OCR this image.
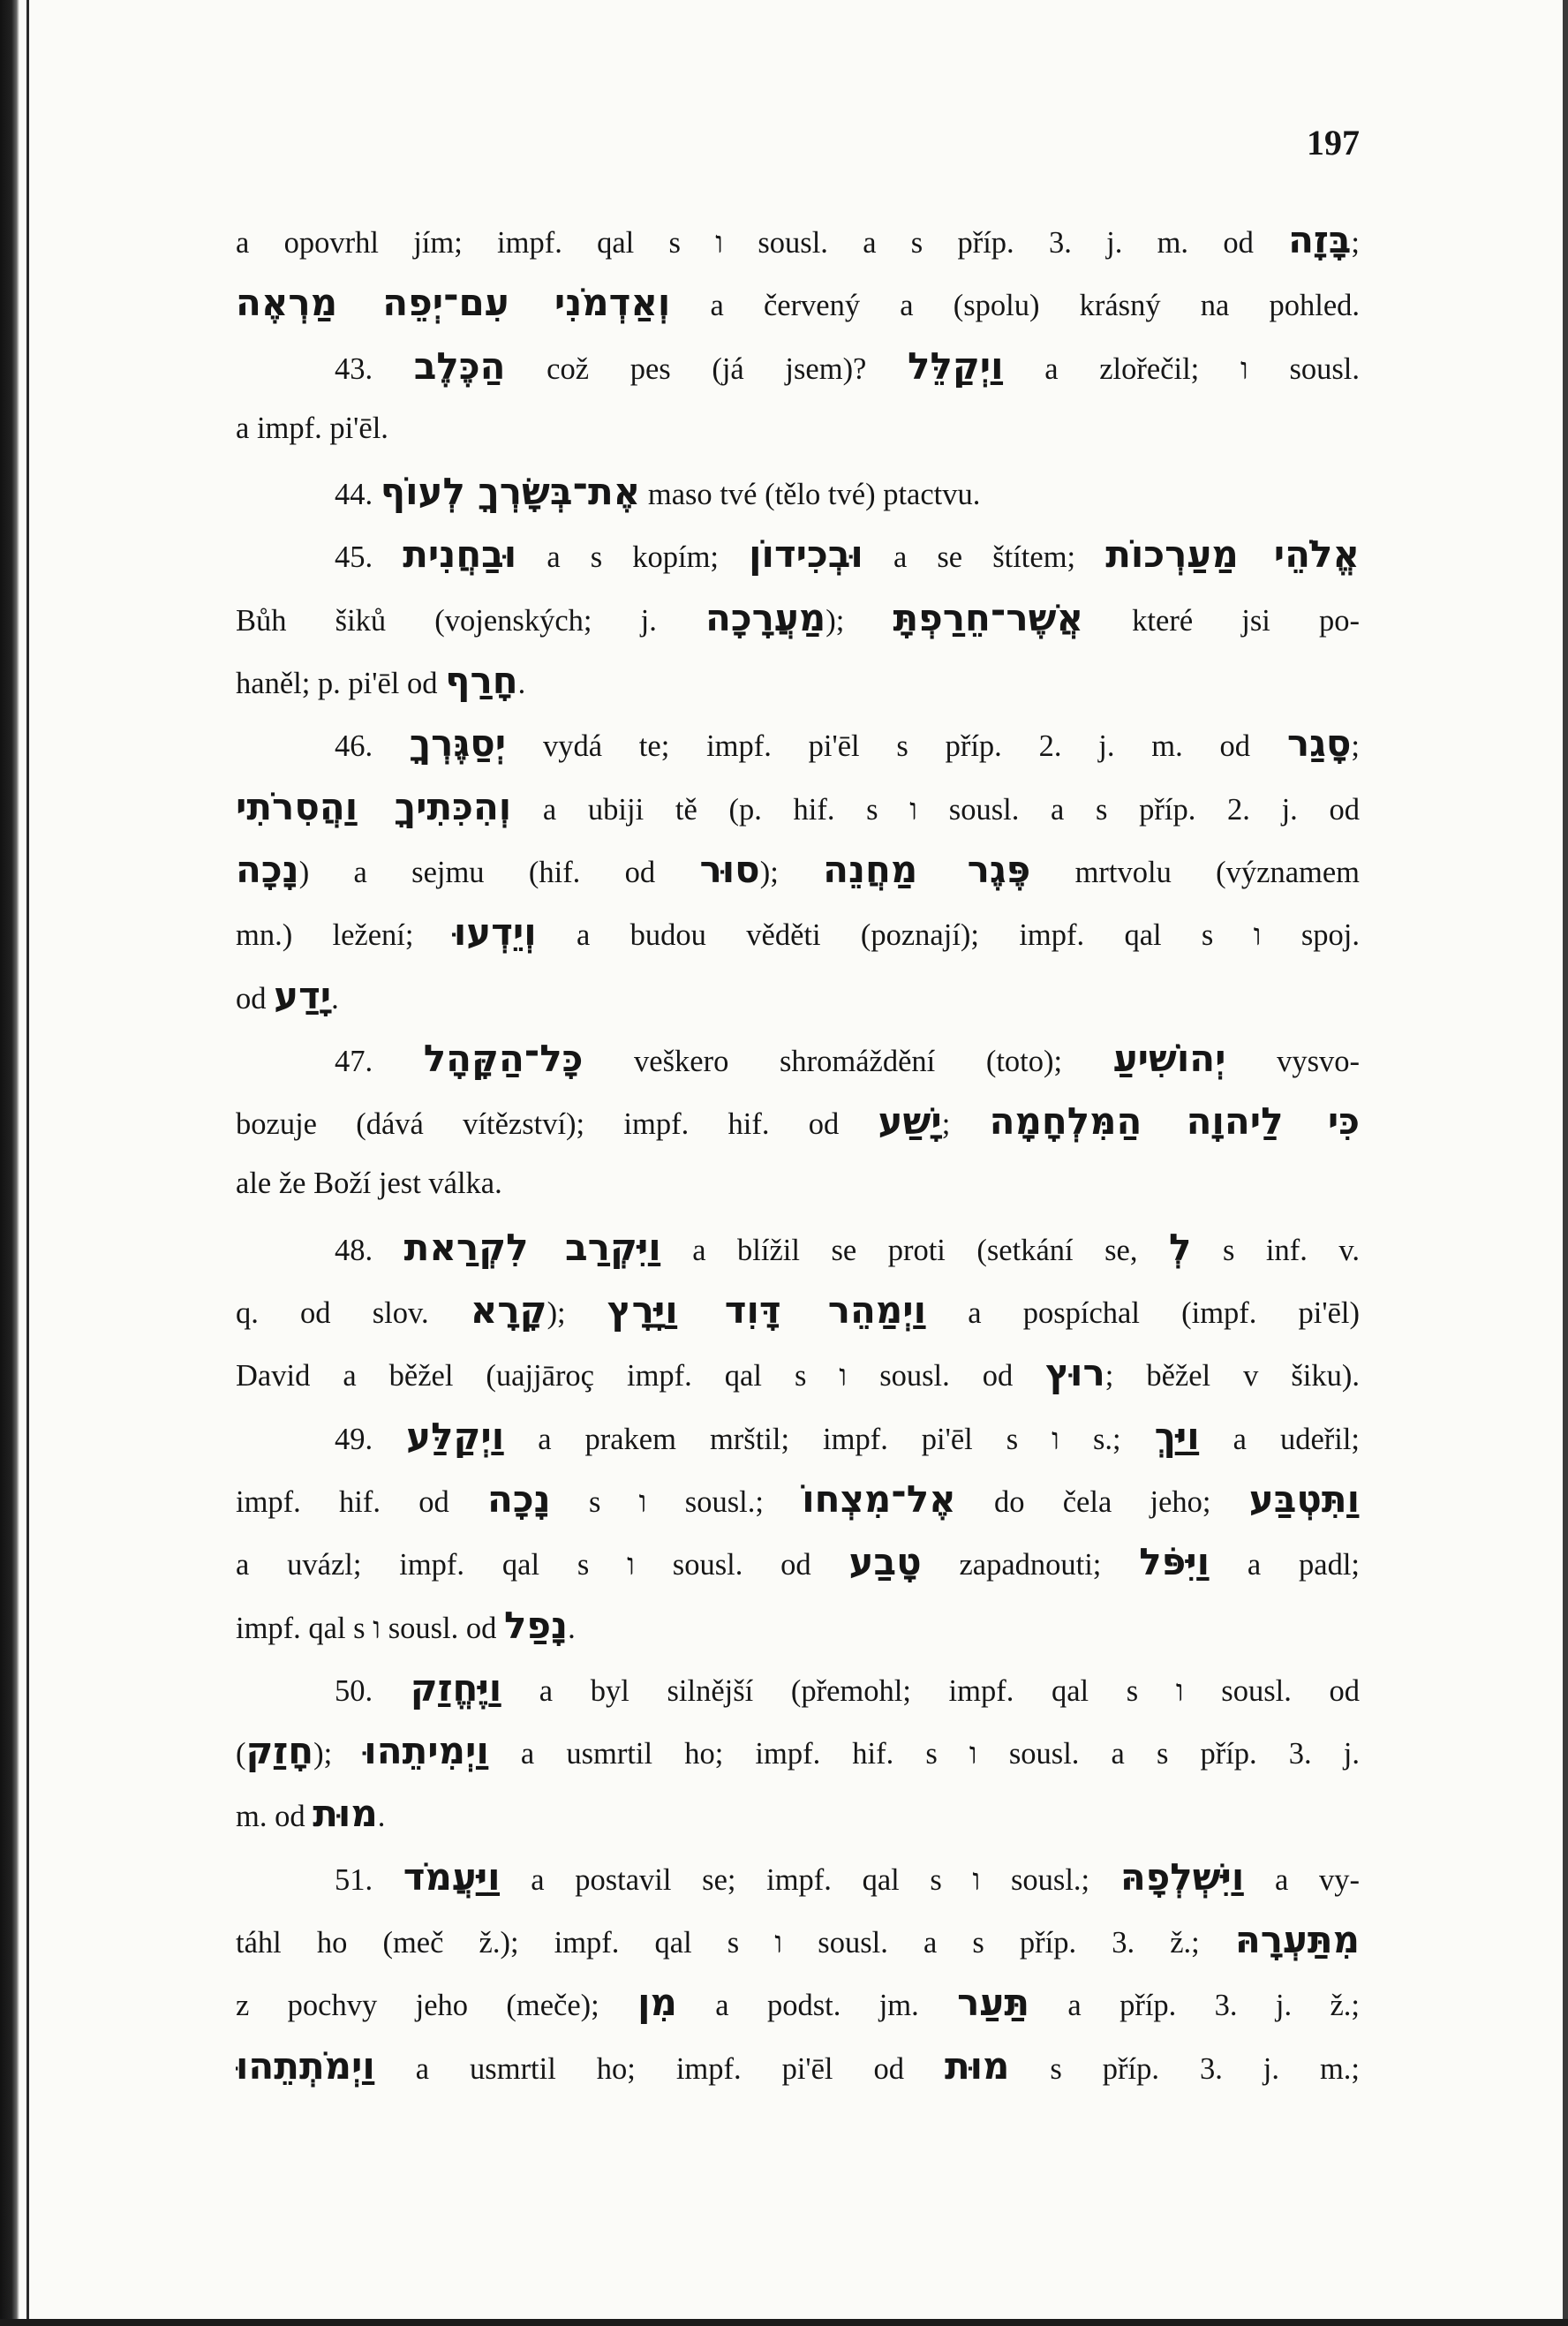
197
a opovrhl jím; impf. qal s ו sousl. a s příp. 3. j. m. od בָּזָה;
וְאַדְמֹנִי עִם־יְפֵה מַרְאֶה a červený a (spolu) krásný na pohled.
43. הַכֶּלֶב což pes (já jsem)? וַיְקַלֵּל a zlořečil; ו sousl.
a impf. pi'ēl.
44. אֶת־בְּשָׂרְךָ לְעוֹף maso tvé (tělo tvé) ptactvu.
45. וּבַחֲנִית a s kopím; וּבְכִידוֹן a se štítem; אֱלֹהֵי מַעַרְכוֹת
Bůh šiků (vojenských; j. מַעֲרָכָה); אֲשֶׁר־חֵרַפְתָּ které jsi po-
haněl; p. pi'ēl od חָרַף.
46. יְסַגֶּרְךָ vydá te; impf. pi'ēl s příp. 2. j. m. od סָגַר;
וְהִכִּתִיךָ וַהֲסִרֹתִי a ubiji tě (p. hif. s ו sousl. a s příp. 2. j. od
נָכָה) a sejmu (hif. od סוּר); פֶּגֶר מַחֲנֵה mrtvolu (významem
mn.) ležení; וְיֵדְעוּ a budou věděti (poznají); impf. qal s ו spoj.
od יָדַע.
47. כָּל־הַקָּהָל veškero shromáždění (toto); יְהוֹשִׁיעַ vysvo-
bozuje (dává vítězství); impf. hif. od יָשַׁע; כִּי לַיהוָה הַמִּלְחָמָה
ale že Boží jest válka.
48. וַיִּקְרַב לִקְרַאת a blížil se proti (setkání se, לְ s inf. v.
q. od slov. קָרָא); וַיְמַהֵר דָּוִד וַיָּרָץ a pospíchal (impf. pi'ēl)
David a běžel (uajjāroç impf. qal s ו sousl. od רוּץ; běžel v šiku).
49. וַיְקַלַּע a prakem mrštil; impf. pi'ēl s ו s.; וַיַּךְ a udeřil;
impf. hif. od נָכָה s ו sousl.; אֶל־מִצְחוֹ do čela jeho; וַתִּטְבַּע
a uvázl; impf. qal s ו sousl. od טָבַע zapadnouti; וַיִּפֹּל a padl;
impf. qal s ו sousl. od נָפַל.
50. וַיֶּחֱזַק a byl silnější (přemohl; impf. qal s ו sousl. od
(חָזַק); וַיְמִיתֵהוּ a usmrtil ho; impf. hif. s ו sousl. a s příp. 3. j.
m. od מוּת.
51. וַיַּעֲמֹד a postavil se; impf. qal s ו sousl.; וַיִּשְׁלְפָהּ a vy-
táhl ho (meč ž.); impf. qal s ו sousl. a s příp. 3. ž.; מִתַּעְרָהּ
z pochvy jeho (meče); מִן a podst. jm. תַּעַר a příp. 3. j. ž.;
וַיְמֹתְתֵהוּ a usmrtil ho; impf. pi'ēl od מוּת s příp. 3. j. m.;
